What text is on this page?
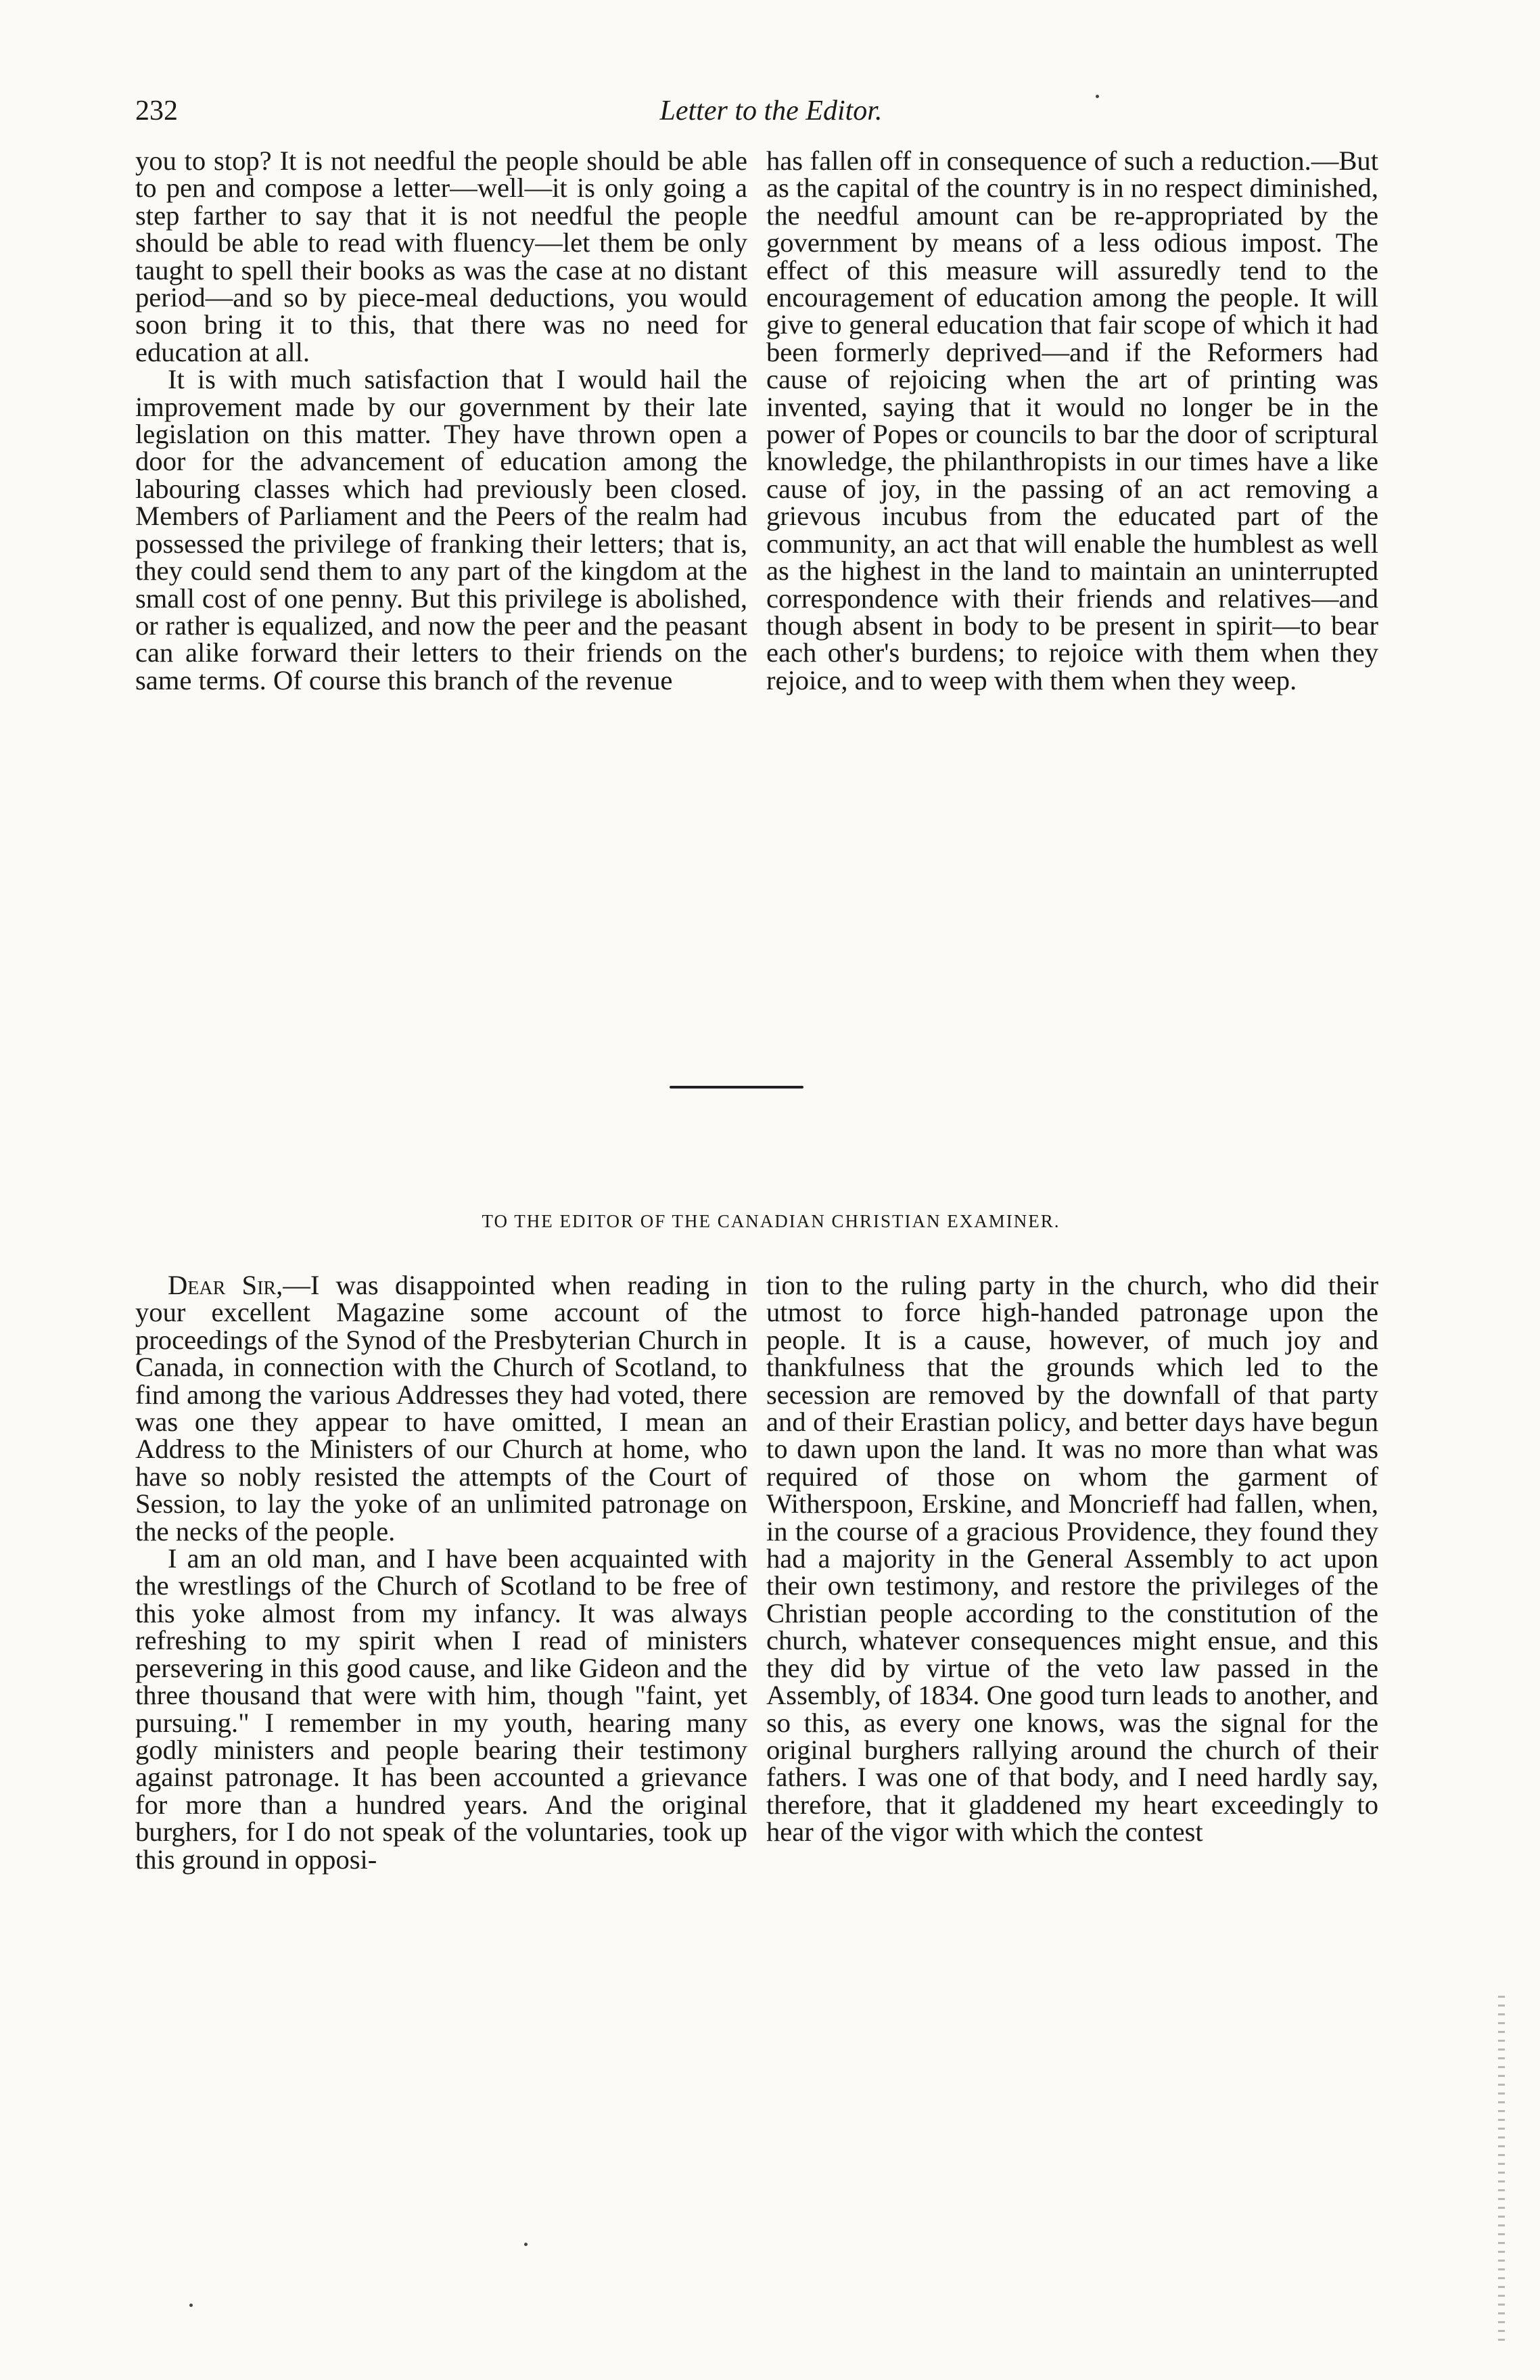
232	Letter to the Editor.

you to stop? It is not needful the people should be able to pen and compose a letter—well—it is only going a step farther to say that it is not needful the people should be able to read with fluency—let them be only taught to spell their books as was the case at no distant period—and so by piece-meal deductions, you would soon bring it to this, that there was no need for education at all.

It is with much satisfaction that I would hail the improvement made by our government by their late legislation on this matter. They have thrown open a door for the advancement of education among the labouring classes which had previously been closed. Members of Parliament and the Peers of the realm had possessed the privilege of franking their letters; that is, they could send them to any part of the kingdom at the small cost of one penny. But this privilege is abolished, or rather is equalized, and now the peer and the peasant can alike forward their letters to their friends on the same terms. Of course this branch of the revenue

has fallen off in consequence of such a reduction.—But as the capital of the country is in no respect diminished, the needful amount can be re-appropriated by the government by means of a less odious impost. The effect of this measure will assuredly tend to the encouragement of education among the people. It will give to general education that fair scope of which it had been formerly deprived—and if the Reformers had cause of rejoicing when the art of printing was invented, saying that it would no longer be in the power of Popes or councils to bar the door of scriptural knowledge, the philanthropists in our times have a like cause of joy, in the passing of an act removing a grievous incubus from the educated part of the community, an act that will enable the humblest as well as the highest in the land to maintain an uninterrupted correspondence with their friends and relatives—and though absent in body to be present in spirit—to bear each other's burdens; to rejoice with them when they rejoice, and to weep with them when they weep.

TO THE EDITOR OF THE CANADIAN CHRISTIAN EXAMINER.

Dear Sir,—I was disappointed when reading in your excellent Magazine some account of the proceedings of the Synod of the Presbyterian Church in Canada, in connection with the Church of Scotland, to find among the various Addresses they had voted, there was one they appear to have omitted, I mean an Address to the Ministers of our Church at home, who have so nobly resisted the attempts of the Court of Session, to lay the yoke of an unlimited patronage on the necks of the people.

I am an old man, and I have been acquainted with the wrestlings of the Church of Scotland to be free of this yoke almost from my infancy. It was always refreshing to my spirit when I read of ministers persevering in this good cause, and like Gideon and the three thousand that were with him, though "faint, yet pursuing." I remember in my youth, hearing many godly ministers and people bearing their testimony against patronage. It has been accounted a grievance for more than a hundred years. And the original burghers, for I do not speak of the voluntaries, took up this ground in opposi-

tion to the ruling party in the church, who did their utmost to force high-handed patronage upon the people. It is a cause, however, of much joy and thankfulness that the grounds which led to the secession are removed by the downfall of that party and of their Erastian policy, and better days have begun to dawn upon the land. It was no more than what was required of those on whom the garment of Witherspoon, Erskine, and Moncrieff had fallen, when, in the course of a gracious Providence, they found they had a majority in the General Assembly to act upon their own testimony, and restore the privileges of the Christian people according to the constitution of the church, whatever consequences might ensue, and this they did by virtue of the veto law passed in the Assembly, of 1834. One good turn leads to another, and so this, as every one knows, was the signal for the original burghers rallying around the church of their fathers. I was one of that body, and I need hardly say, therefore, that it gladdened my heart exceedingly to hear of the vigor with which the contest
